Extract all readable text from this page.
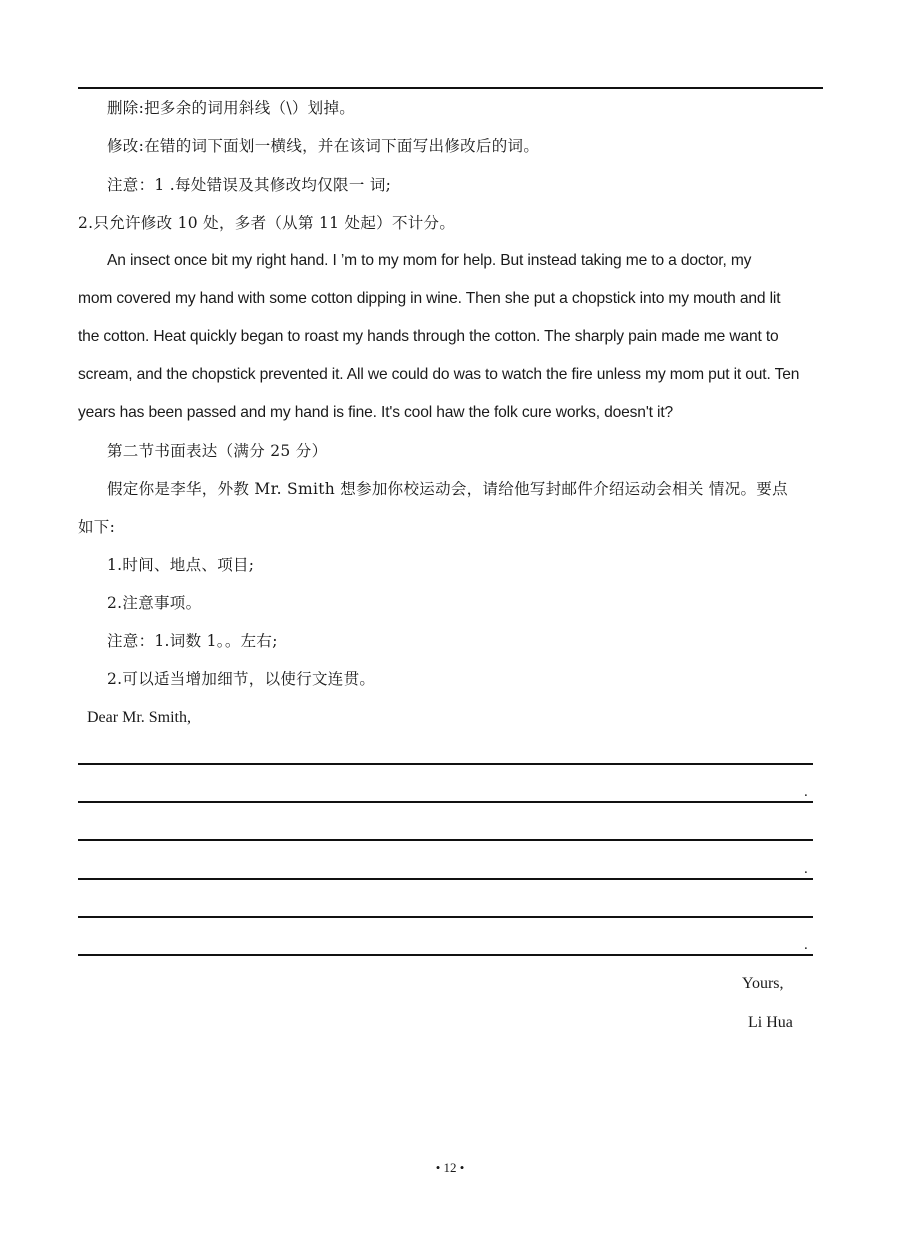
删除:把多余的词用斜线（\）划掉。
修改:在错的词下面划一横线，并在该词下面写出修改后的词。
注意：1 .每处错误及其修改均仅限一 词;
2.只允许修改 10 处，多者（从第 11 处起）不计分。
An insect once bit my right hand. I ’m to my mom for help. But instead taking me to a doctor, my
mom covered my hand with some cotton dipping in wine. Then she put a chopstick into my mouth and lit
the cotton. Heat quickly began to roast my hands through the cotton. The sharply pain made me want to
scream, and the chopstick prevented it. All we could do was to watch the fire unless my mom put it out. Ten
years has been passed and my hand is fine. It's cool haw the folk cure works, doesn't it?
第二节书面表达（满分 25 分）
假定你是李华，外教 Mr. Smith 想参加你校运动会，请给他写封邮件介绍运动会相关 情况。要点
如下:
1.时间、地点、项目;
2.注意事项。
注意：1.词数 1。。左右;
2.可以适当增加细节，以使行文连贯。
Dear Mr. Smith,
.
.
.
Yours,
Li Hua
• 12 •
